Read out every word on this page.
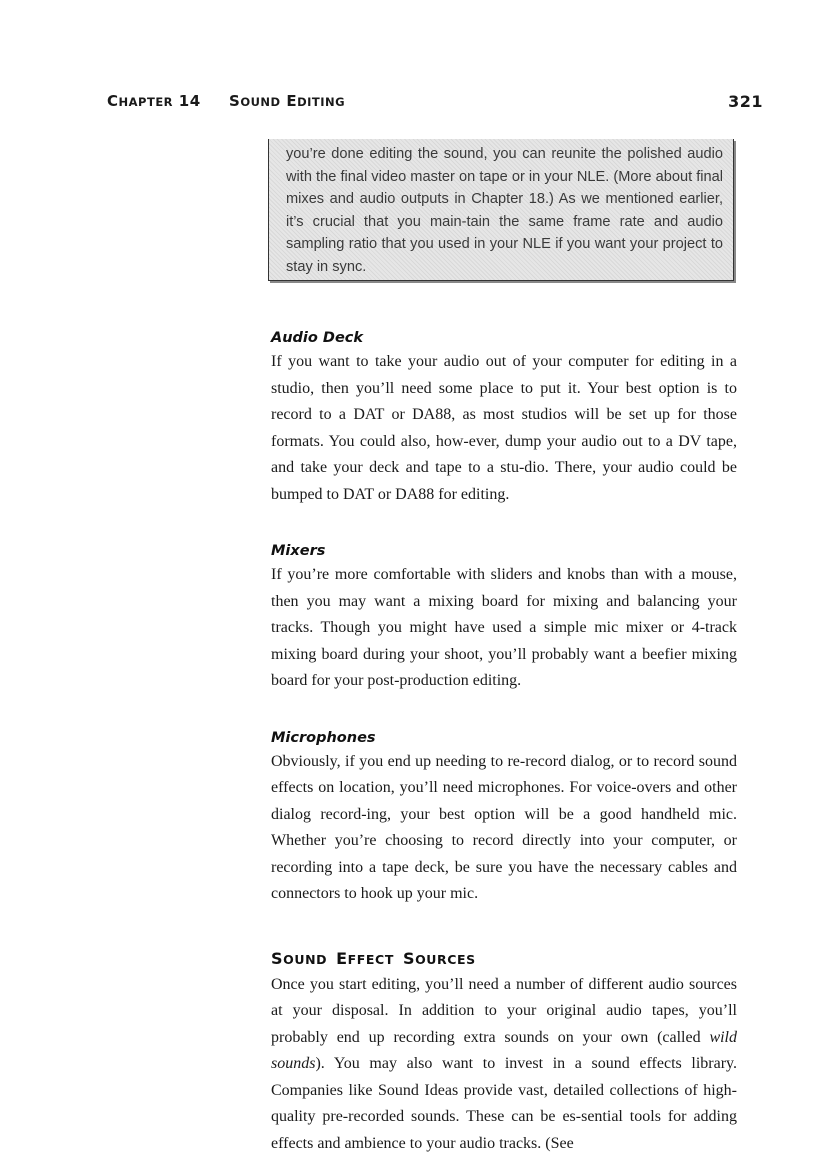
CHAPTER 14 SOUND EDITING	321

you’re done editing the sound, you can reunite the polished audio with the final video master on tape or in your NLE. (More about final mixes and audio outputs in Chapter 18.) As we mentioned earlier, it’s crucial that you main-tain the same frame rate and audio sampling ratio that you used in your NLE if you want your project to stay in sync.

Audio Deck

If you want to take your audio out of your computer for editing in a studio, then you’ll need some place to put it. Your best option is to record to a DAT or DA88, as most studios will be set up for those formats. You could also, how-ever, dump your audio out to a DV tape, and take your deck and tape to a stu-dio. There, your audio could be bumped to DAT or DA88 for editing.

Mixers

If you’re more comfortable with sliders and knobs than with a mouse, then you may want a mixing board for mixing and balancing your tracks. Though you might have used a simple mic mixer or 4-track mixing board during your shoot, you’ll probably want a beefier mixing board for your post-production editing.

Microphones

Obviously, if you end up needing to re-record dialog, or to record sound effects on location, you’ll need microphones. For voice-overs and other dialog record-ing, your best option will be a good handheld mic. Whether you’re choosing to record directly into your computer, or recording into a tape deck, be sure you have the necessary cables and connectors to hook up your mic.

SOUND EFFECT SOURCES

Once you start editing, you’ll need a number of different audio sources at your disposal. In addition to your original audio tapes, you’ll probably end up recording extra sounds on your own (called wild sounds). You may also want to invest in a sound effects library. Companies like Sound Ideas provide vast, detailed collections of high-quality pre-recorded sounds. These can be es-sential tools for adding effects and ambience to your audio tracks. (See
